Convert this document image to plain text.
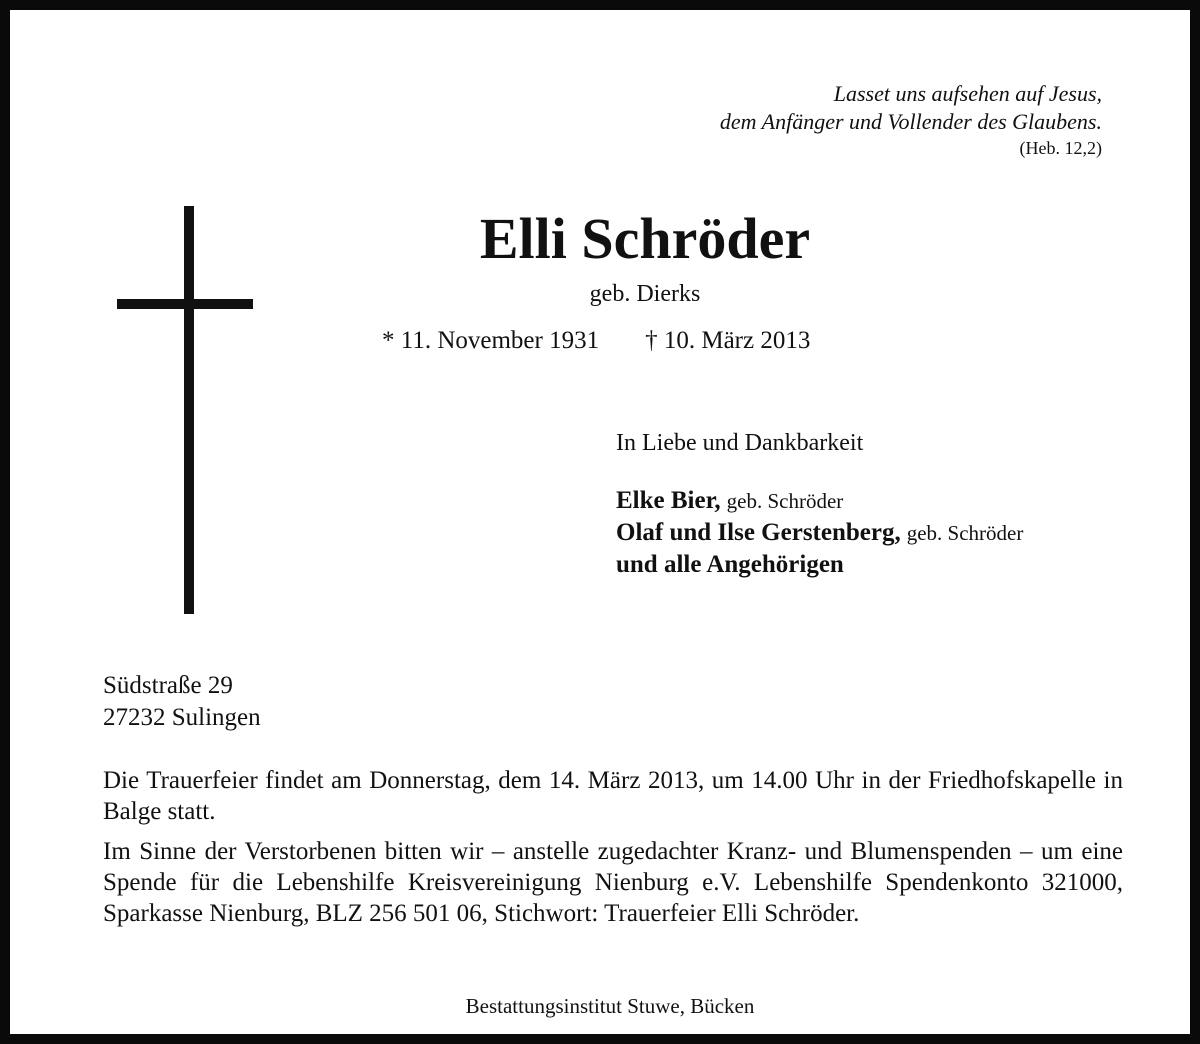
Lasset uns aufsehen auf Jesus,
dem Anfänger und Vollender des Glaubens.
(Heb. 12,2)
Elli Schröder
geb. Dierks
* 11. November 1931 † 10. März 2013
In Liebe und Dankbarkeit
Elke Bier, geb. Schröder
Olaf und Ilse Gerstenberg, geb. Schröder
und alle Angehörigen
Südstraße 29
27232 Sulingen
Die Trauerfeier findet am Donnerstag, dem 14. März 2013, um 14.00 Uhr in der Friedhofskapelle in Balge statt.
Im Sinne der Verstorbenen bitten wir – anstelle zugedachter Kranz- und Blumenspenden – um eine Spende für die Lebenshilfe Kreisvereinigung Nienburg e.V. Lebenshilfe Spendenkonto 321000, Sparkasse Nienburg, BLZ 256 501 06, Stichwort: Trauerfeier Elli Schröder.
Bestattungsinstitut Stuwe, Bücken
